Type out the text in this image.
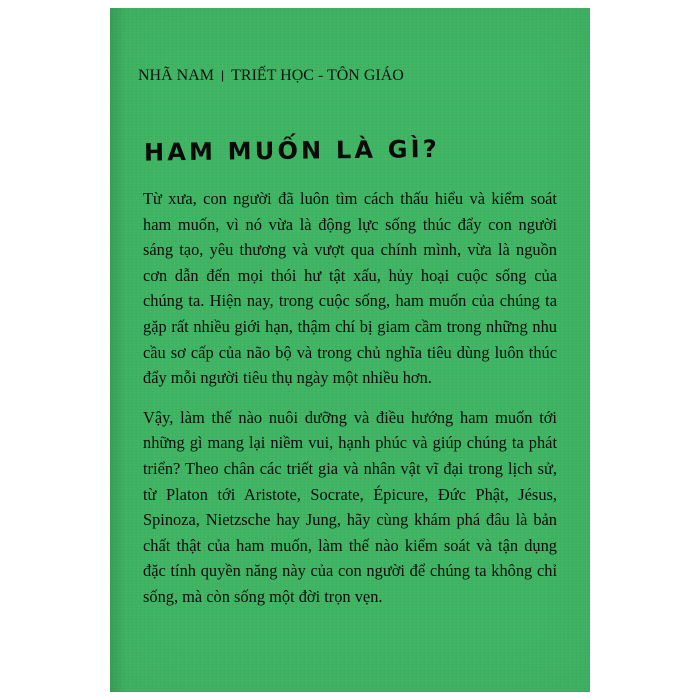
NHÃ NAM | TRIẾT HỌC - TÔN GIÁO
HAM MUỐN LÀ GÌ?

Từ xưa, con người đã luôn tìm cách thấu hiểu và kiểm soát ham muốn, vì nó vừa là động lực sống thúc đẩy con người sáng tạo, yêu thương và vượt qua chính mình, vừa là nguồn cơn dẫn đến mọi thói hư tật xấu, hủy hoại cuộc sống của chúng ta. Hiện nay, trong cuộc sống, ham muốn của chúng ta gặp rất nhiều giới hạn, thậm chí bị giam cầm trong những nhu cầu sơ cấp của não bộ và trong chủ nghĩa tiêu dùng luôn thúc đẩy mỗi người tiêu thụ ngày một nhiều hơn.

Vậy, làm thế nào nuôi dưỡng và điều hướng ham muốn tới những gì mang lại niềm vui, hạnh phúc và giúp chúng ta phát triển? Theo chân các triết gia và nhân vật vĩ đại trong lịch sử, từ Platon tới Aristote, Socrate, Épicure, Đức Phật, Jésus, Spinoza, Nietzsche hay Jung, hãy cùng khám phá đâu là bản chất thật của ham muốn, làm thế nào kiểm soát và tận dụng đặc tính quyền năng này của con người để chúng ta không chỉ sống, mà còn sống một đời trọn vẹn.
